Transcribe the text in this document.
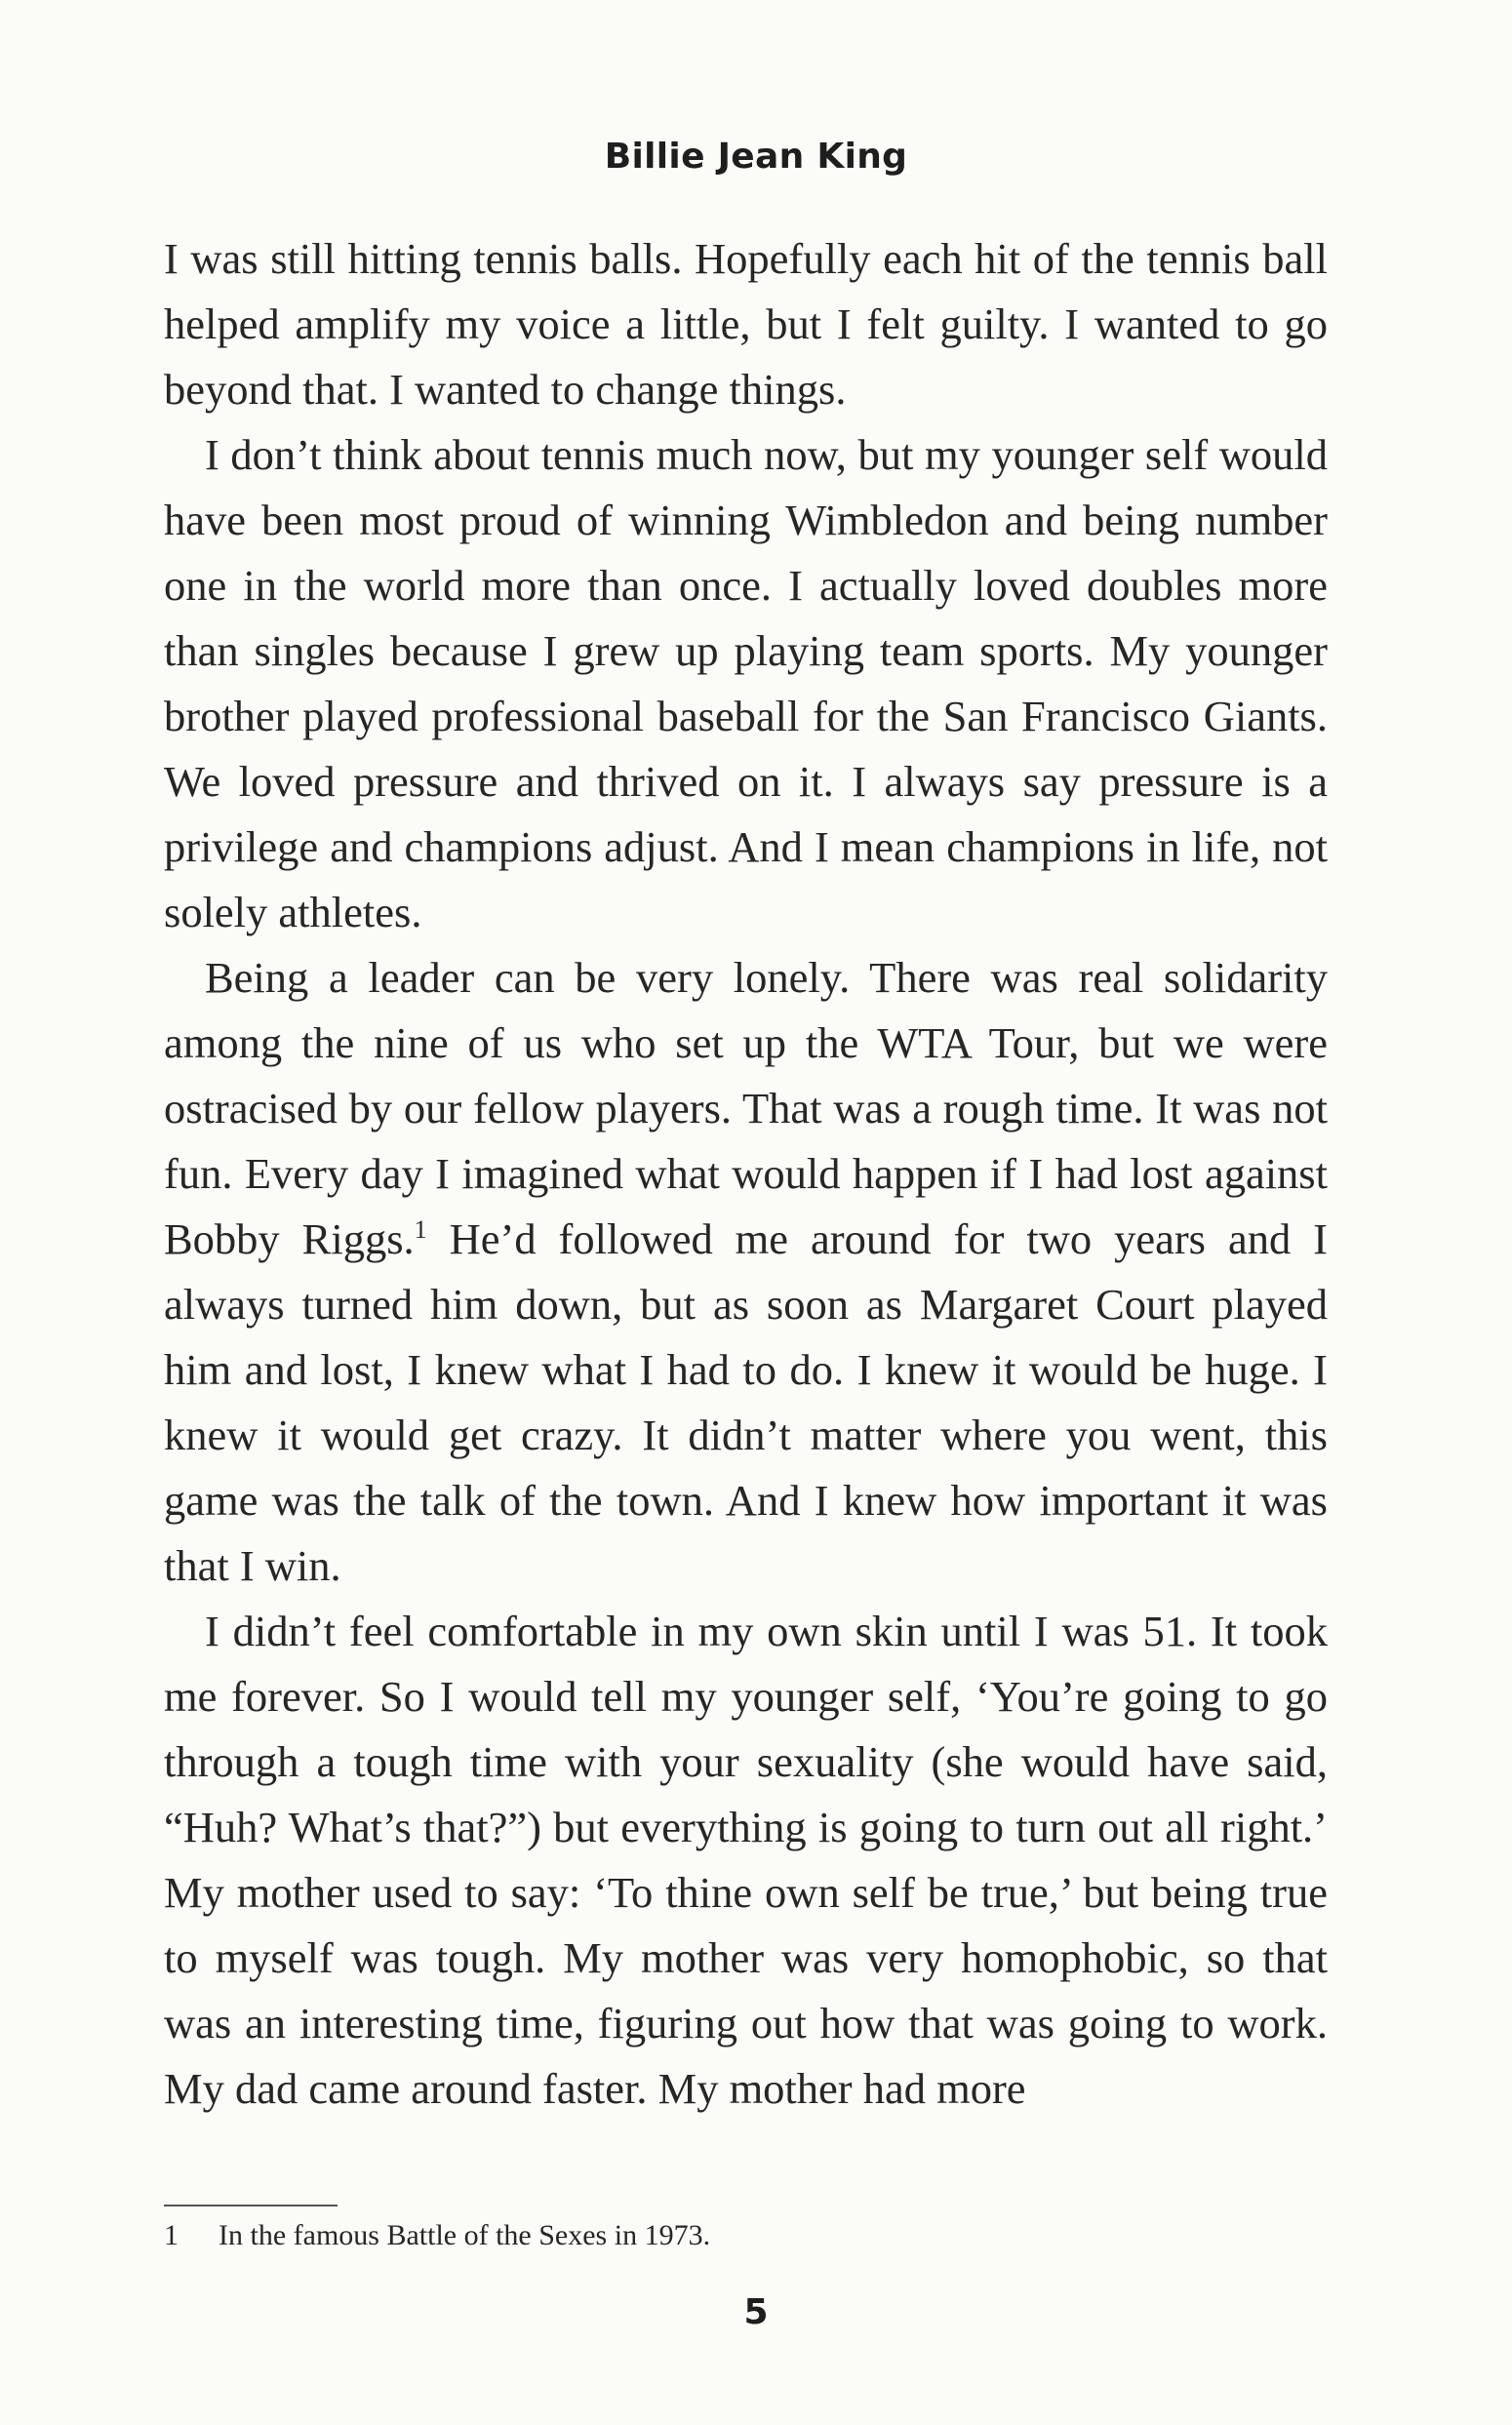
Billie Jean King

I was still hitting tennis balls. Hopefully each hit of the tennis ball helped amplify my voice a little, but I felt guilty. I wanted to go beyond that. I wanted to change things.

I don’t think about tennis much now, but my younger self would have been most proud of winning Wimbledon and being number one in the world more than once. I actually loved doubles more than singles because I grew up playing team sports. My younger brother played professional baseball for the San Francisco Giants. We loved pressure and thrived on it. I always say pressure is a privilege and champions adjust. And I mean champions in life, not solely athletes.

Being a leader can be very lonely. There was real solidarity among the nine of us who set up the WTA Tour, but we were ostracised by our fellow players. That was a rough time. It was not fun. Every day I imagined what would happen if I had lost against Bobby Riggs.$^1$ He’d followed me around for two years and I always turned him down, but as soon as Margaret Court played him and lost, I knew what I had to do. I knew it would be huge. I knew it would get crazy. It didn’t matter where you went, this game was the talk of the town. And I knew how important it was that I win.

I didn’t feel comfortable in my own skin until I was 51. It took me forever. So I would tell my younger self, ‘You’re going to go through a tough time with your sexuality (she would have said, “Huh? What’s that?”) but everything is going to turn out all right.’ My mother used to say: ‘To thine own self be true,’ but being true to myself was tough. My mother was very homophobic, so that was an interesting time, figuring out how that was going to work. My dad came around faster. My mother had more

1 In the famous Battle of the Sexes in 1973.
5
